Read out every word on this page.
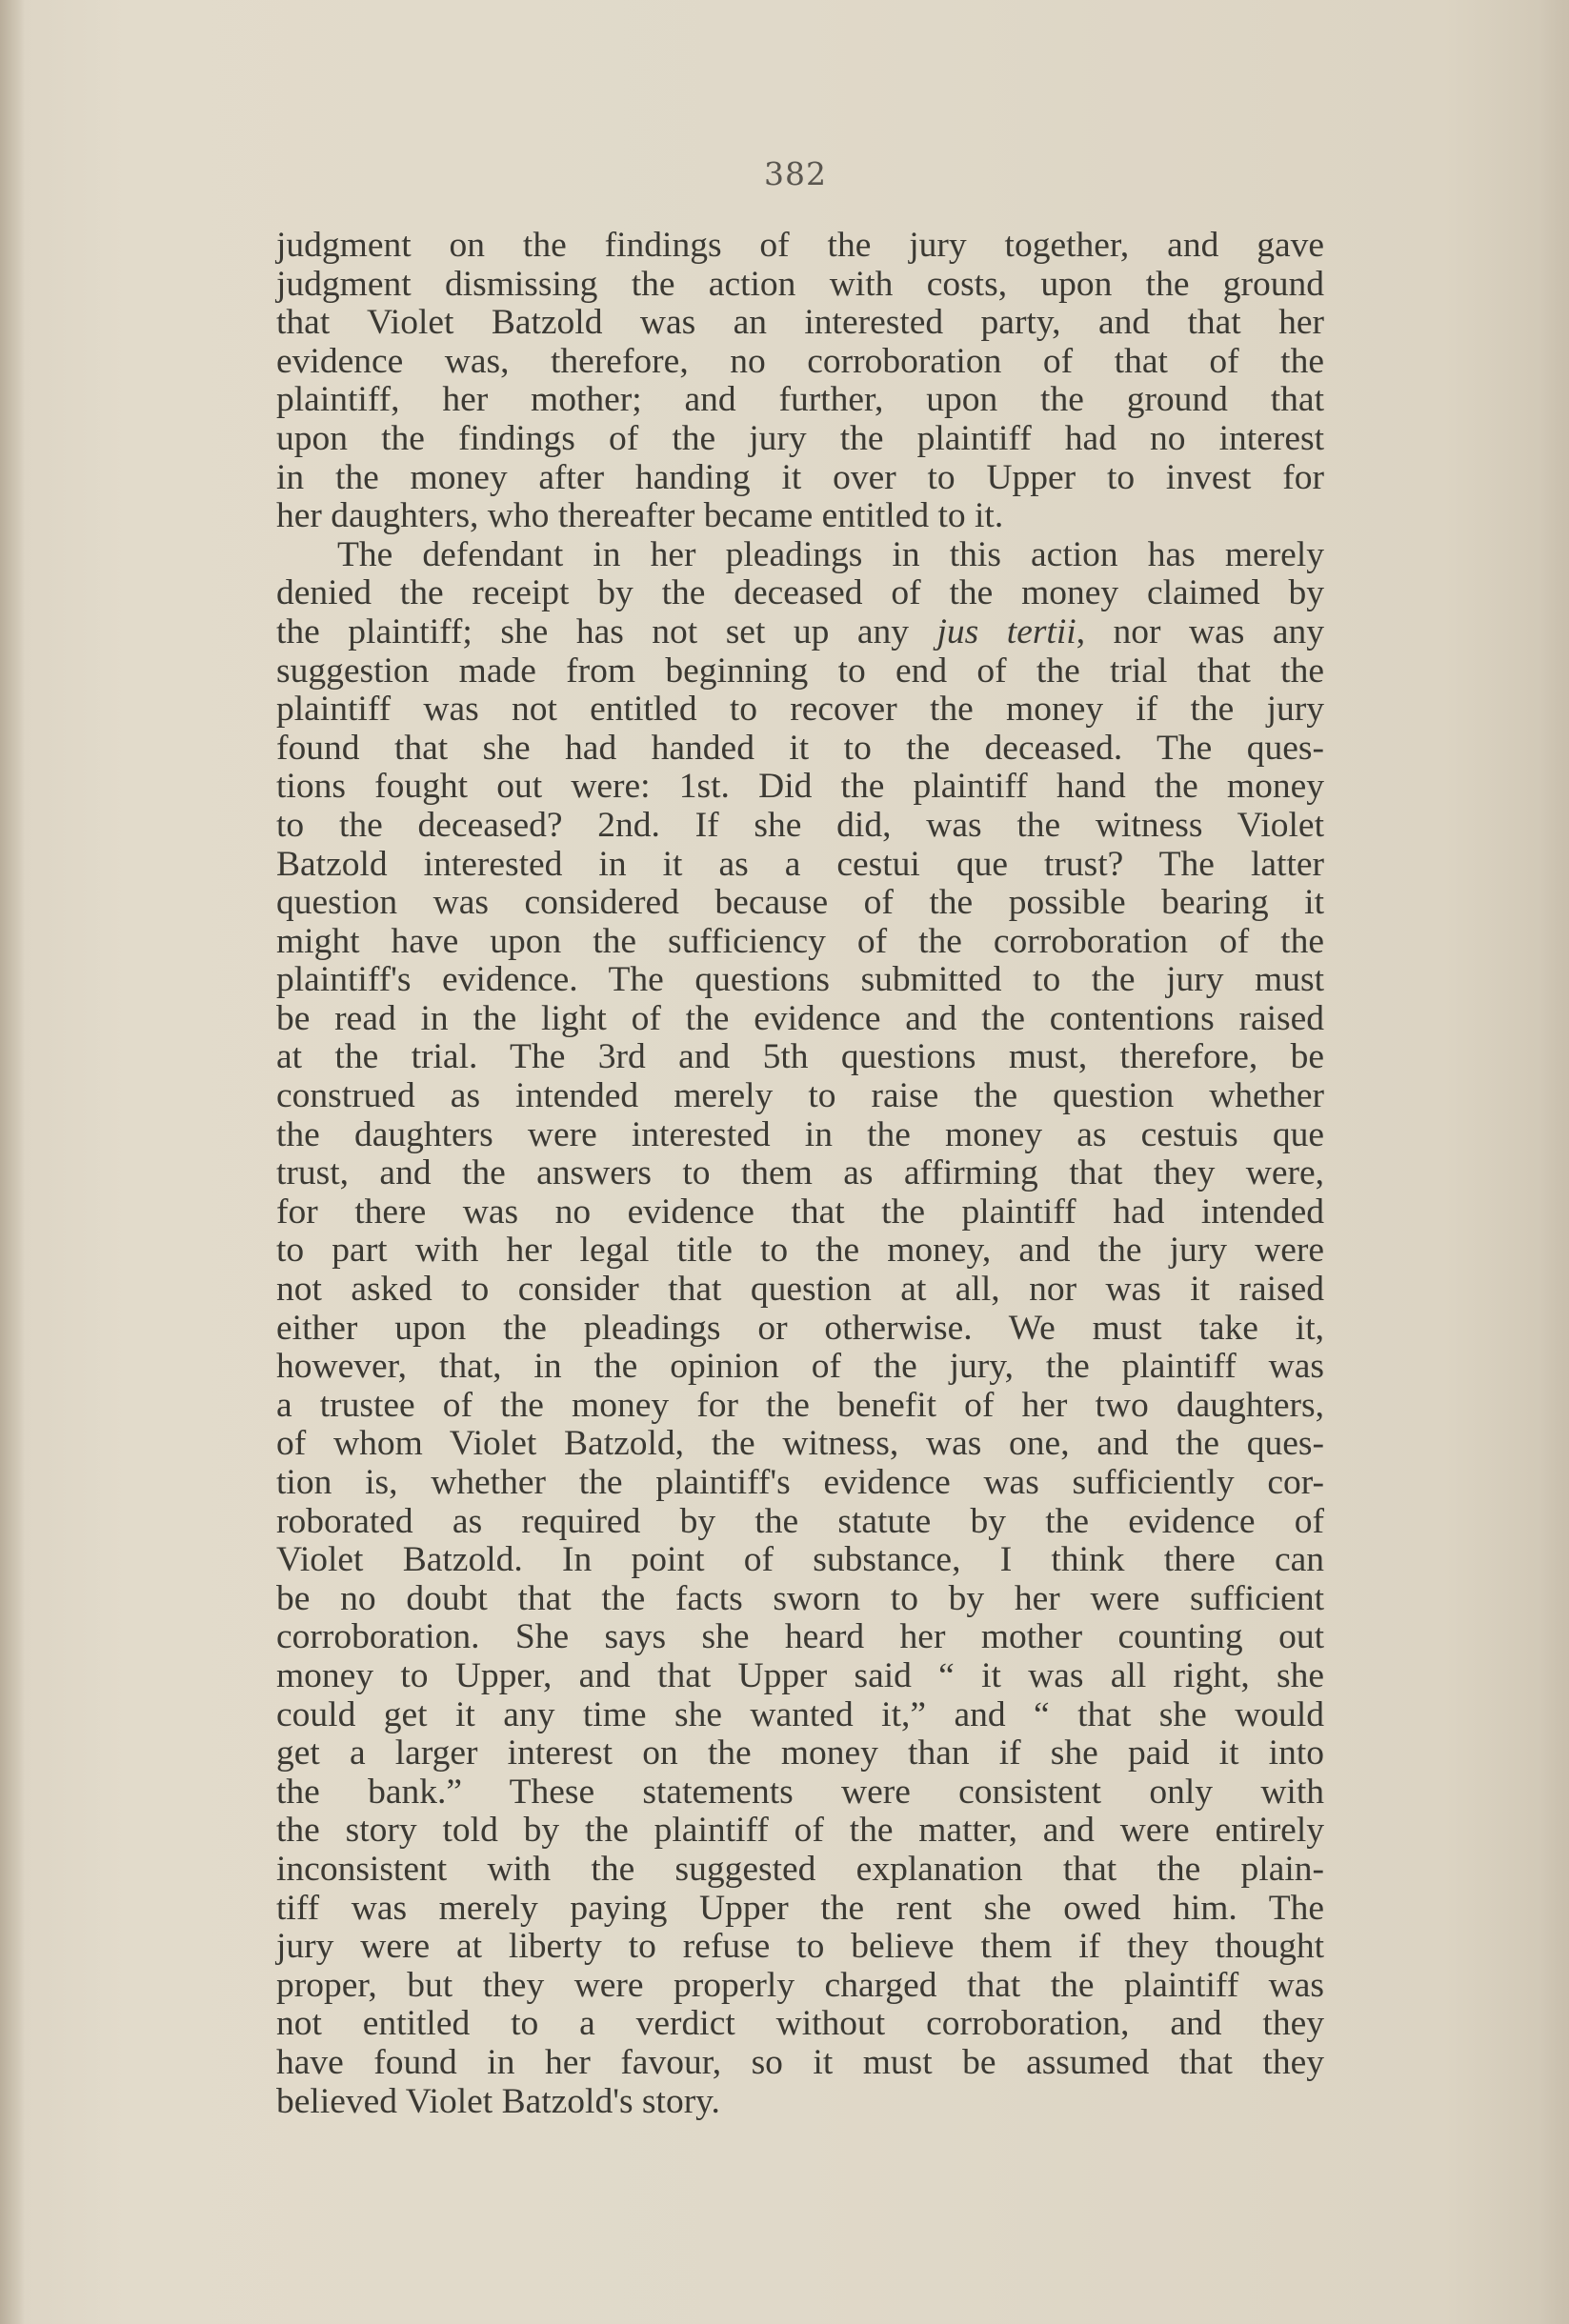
382
judgment on the findings of the jury together, and gave
judgment dismissing the action with costs, upon the ground
that Violet Batzold was an interested party, and that her
evidence was, therefore, no corroboration of that of the
plaintiff, her mother; and further, upon the ground that
upon the findings of the jury the plaintiff had no interest
in the money after handing it over to Upper to invest for
her daughters, who thereafter became entitled to it.
The defendant in her pleadings in this action has merely
denied the receipt by the deceased of the money claimed by
the plaintiff; she has not set up any jus tertii, nor was any
suggestion made from beginning to end of the trial that the
plaintiff was not entitled to recover the money if the jury
found that she had handed it to the deceased. The ques-
tions fought out were: 1st. Did the plaintiff hand the money
to the deceased? 2nd. If she did, was the witness Violet
Batzold interested in it as a cestui que trust? The latter
question was considered because of the possible bearing it
might have upon the sufficiency of the corroboration of the
plaintiff's evidence. The questions submitted to the jury must
be read in the light of the evidence and the contentions raised
at the trial. The 3rd and 5th questions must, therefore, be
construed as intended merely to raise the question whether
the daughters were interested in the money as cestuis que
trust, and the answers to them as affirming that they were,
for there was no evidence that the plaintiff had intended
to part with her legal title to the money, and the jury were
not asked to consider that question at all, nor was it raised
either upon the pleadings or otherwise. We must take it,
however, that, in the opinion of the jury, the plaintiff was
a trustee of the money for the benefit of her two daughters,
of whom Violet Batzold, the witness, was one, and the ques-
tion is, whether the plaintiff's evidence was sufficiently cor-
roborated as required by the statute by the evidence of
Violet Batzold. In point of substance, I think there can
be no doubt that the facts sworn to by her were sufficient
corroboration. She says she heard her mother counting out
money to Upper, and that Upper said “ it was all right, she
could get it any time she wanted it,” and “ that she would
get a larger interest on the money than if she paid it into
the bank.” These statements were consistent only with
the story told by the plaintiff of the matter, and were entirely
inconsistent with the suggested explanation that the plain-
tiff was merely paying Upper the rent she owed him. The
jury were at liberty to refuse to believe them if they thought
proper, but they were properly charged that the plaintiff was
not entitled to a verdict without corroboration, and they
have found in her favour, so it must be assumed that they
believed Violet Batzold's story.
